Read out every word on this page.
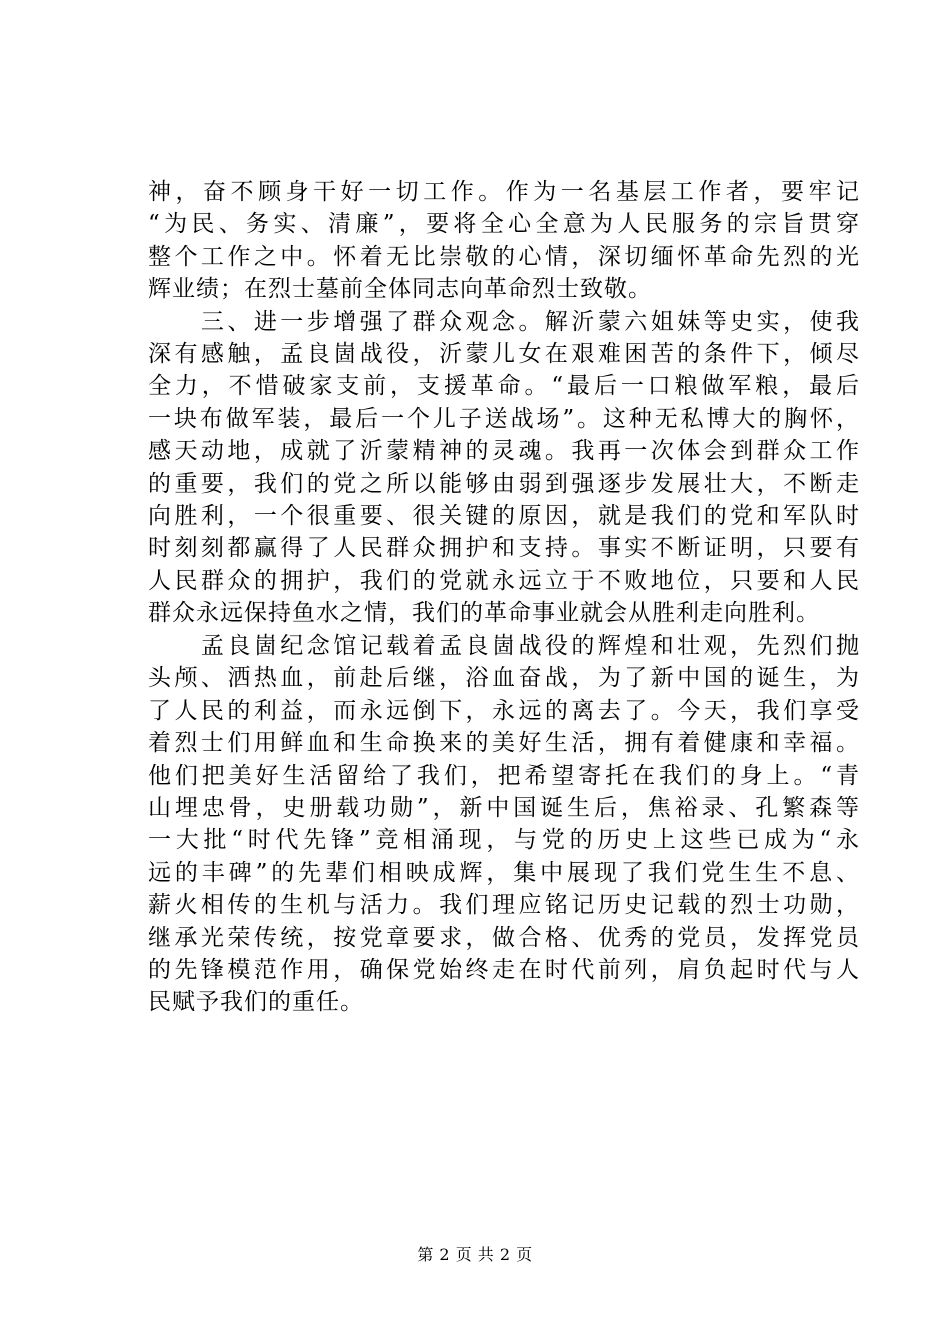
神，奋不顾身干好一切工作。作为一名基层工作者，要牢记
“为民、务实、清廉”，要将全心全意为人民服务的宗旨贯穿
整个工作之中。怀着无比崇敬的心情，深切缅怀革命先烈的光
辉业绩；在烈士墓前全体同志向革命烈士致敬。
　　三、进一步增强了群众观念。解沂蒙六姐妹等史实，使我
深有感触，孟良崮战役，沂蒙儿女在艰难困苦的条件下，倾尽
全力，不惜破家支前，支援革命。“最后一口粮做军粮，最后
一块布做军装，最后一个儿子送战场”。这种无私博大的胸怀，
感天动地，成就了沂蒙精神的灵魂。我再一次体会到群众工作
的重要，我们的党之所以能够由弱到强逐步发展壮大，不断走
向胜利，一个很重要、很关键的原因，就是我们的党和军队时
时刻刻都赢得了人民群众拥护和支持。事实不断证明，只要有
人民群众的拥护，我们的党就永远立于不败地位，只要和人民
群众永远保持鱼水之情，我们的革命事业就会从胜利走向胜利。
　　孟良崮纪念馆记载着孟良崮战役的辉煌和壮观，先烈们抛
头颅、洒热血，前赴后继，浴血奋战，为了新中国的诞生，为
了人民的利益，而永远倒下，永远的离去了。今天，我们享受
着烈士们用鲜血和生命换来的美好生活，拥有着健康和幸福。
他们把美好生活留给了我们，把希望寄托在我们的身上。“青
山埋忠骨，史册载功勋”，新中国诞生后，焦裕录、孔繁森等
一大批“时代先锋”竞相涌现，与党的历史上这些已成为“永
远的丰碑”的先辈们相映成辉，集中展现了我们党生生不息、
薪火相传的生机与活力。我们理应铭记历史记载的烈士功勋，
继承光荣传统，按党章要求，做合格、优秀的党员，发挥党员
的先锋模范作用，确保党始终走在时代前列，肩负起时代与人
民赋予我们的重任。
第 2 页 共 2 页
